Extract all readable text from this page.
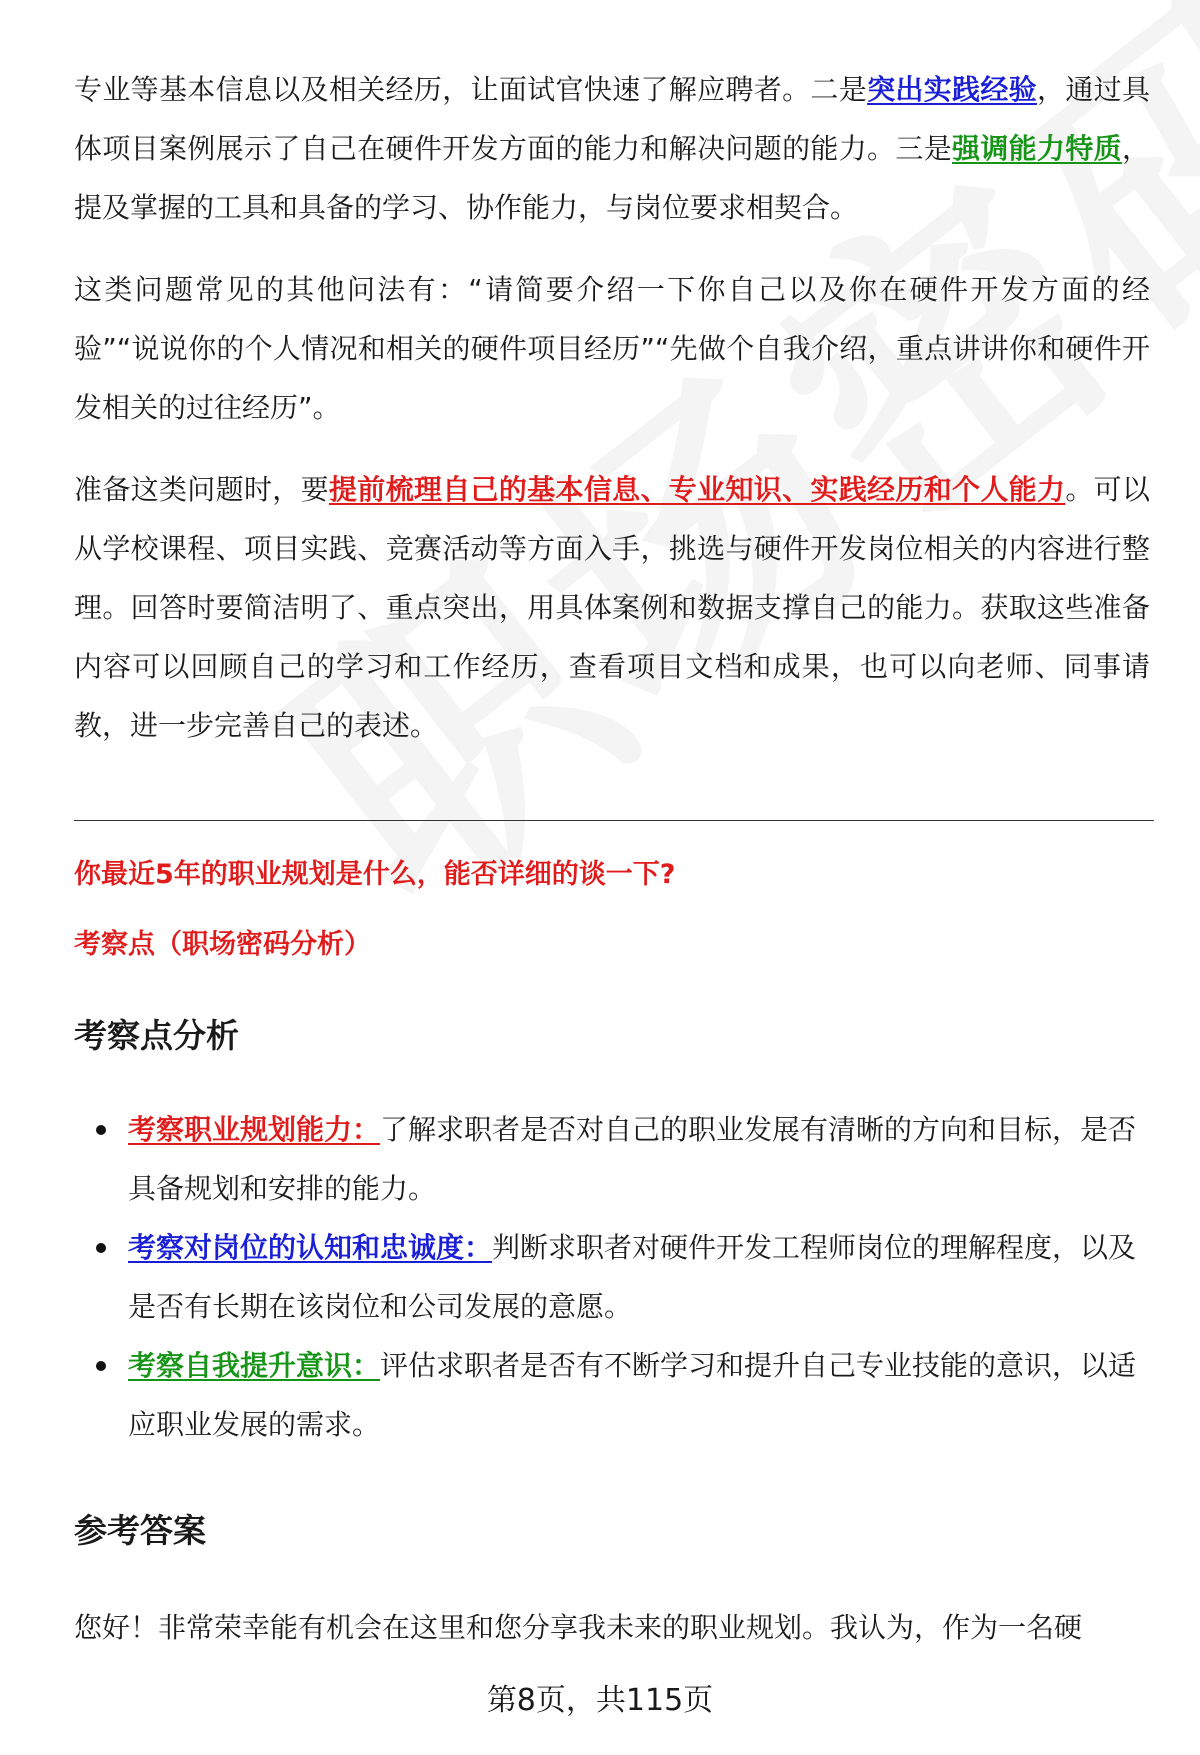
专业等基本信息以及相关经历，让面试官快速了解应聘者。二是突出实践经验，通过具体项目案例展示了自己在硬件开发方面的能力和解决问题的能力。三是强调能力特质，提及掌握的工具和具备的学习、协作能力，与岗位要求相契合。

这类问题常见的其他问法有：“请简要介绍一下你自己以及你在硬件开发方面的经验”“说说你的个人情况和相关的硬件项目经历”“先做个自我介绍，重点讲讲你和硬件开发相关的过往经历”。

准备这类问题时，要提前梳理自己的基本信息、专业知识、实践经历和个人能力。可以从学校课程、项目实践、竞赛活动等方面入手，挑选与硬件开发岗位相关的内容进行整理。回答时要简洁明了、重点突出，用具体案例和数据支撑自己的能力。获取这些准备内容可以回顾自己的学习和工作经历，查看项目文档和成果，也可以向老师、同事请教，进一步完善自己的表述。

你最近5年的职业规划是什么，能否详细的谈一下?

考察点（职场密码分析）

考察点分析

考察职业规划能力：了解求职者是否对自己的职业发展有清晰的方向和目标，是否具备规划和安排的能力。
考察对岗位的认知和忠诚度：判断求职者对硬件开发工程师岗位的理解程度，以及是否有长期在该岗位和公司发展的意愿。
考察自我提升意识：评估求职者是否有不断学习和提升自己专业技能的意识，以适应职业发展的需求。

参考答案

您好！非常荣幸能有机会在这里和您分享我未来的职业规划。我认为，作为一名硬

第8页，共115页
